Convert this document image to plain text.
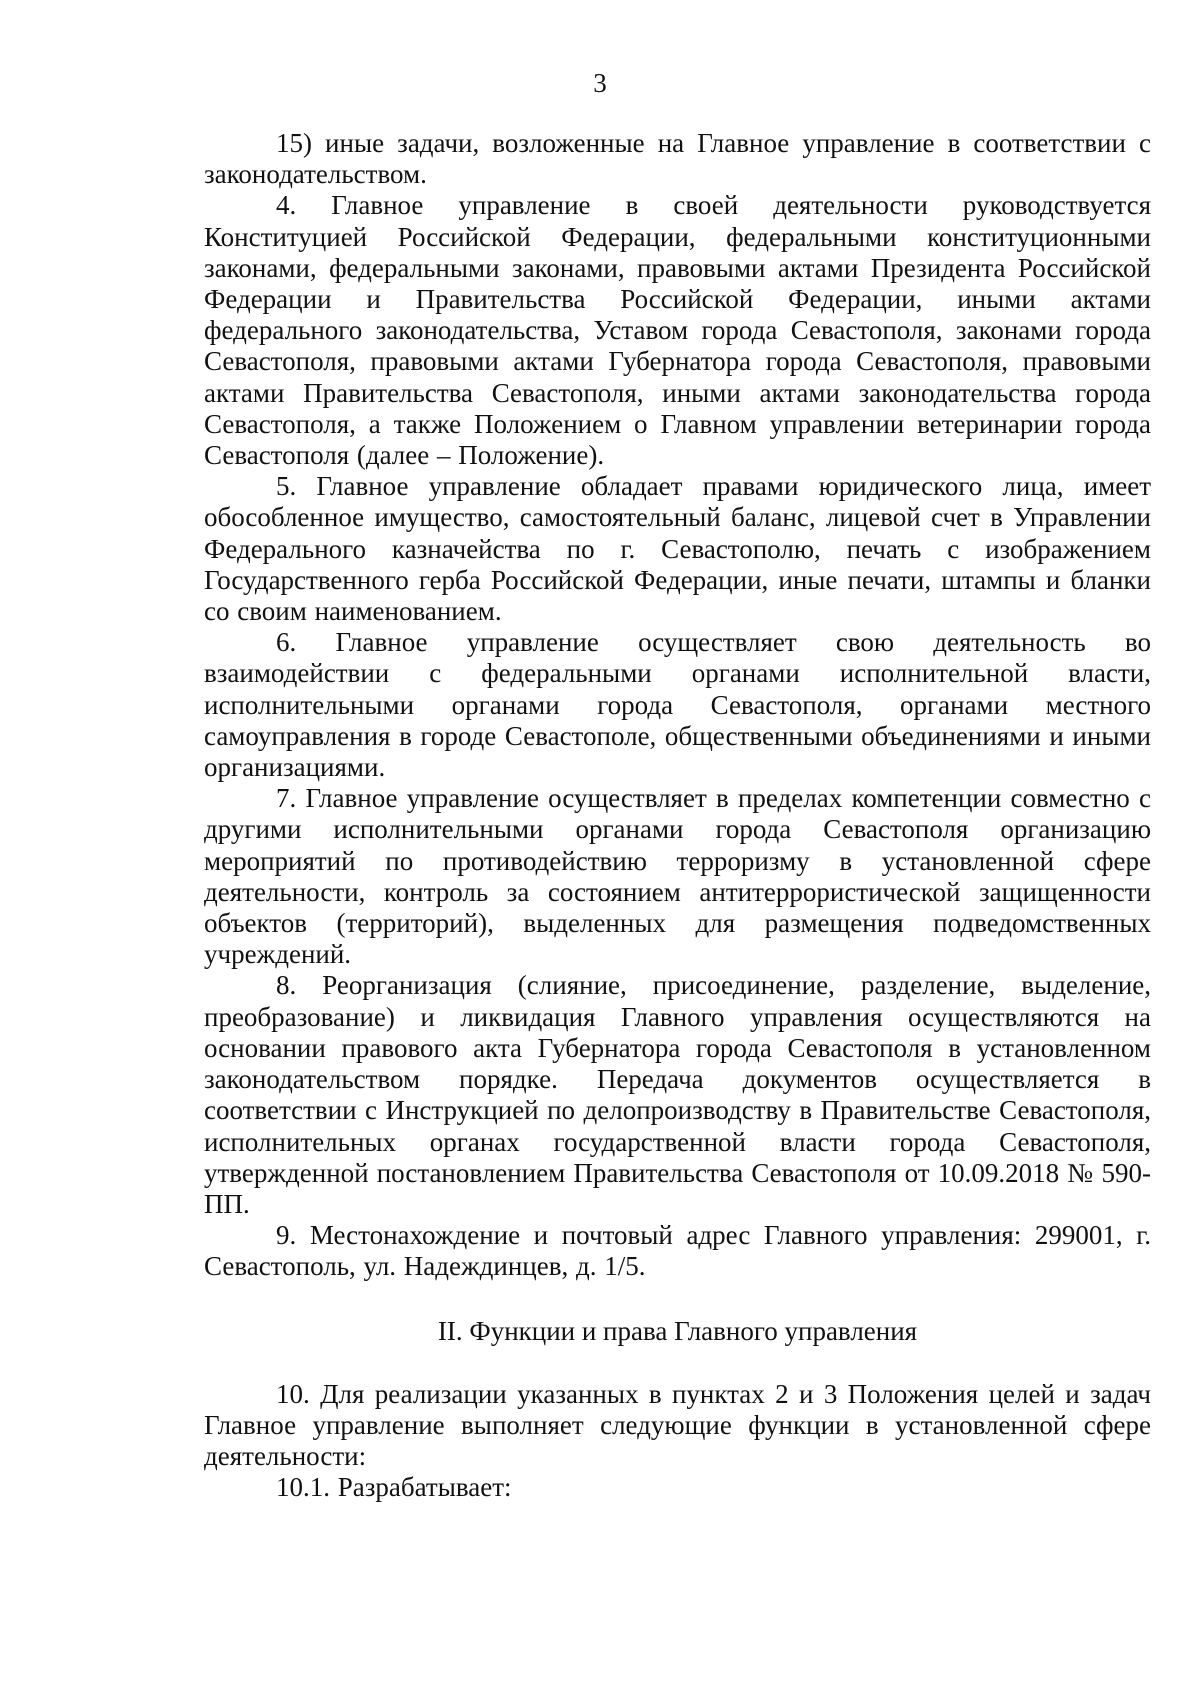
3

15) иные задачи, возложенные на Главное управление в соответствии с законодательством.

4. Главное управление в своей деятельности руководствуется Конституцией Российской Федерации, федеральными конституционными законами, федеральными законами, правовыми актами Президента Российской Федерации и Правительства Российской Федерации, иными актами федерального законодательства, Уставом города Севастополя, законами города Севастополя, правовыми актами Губернатора города Севастополя, правовыми актами Правительства Севастополя, иными актами законодательства города Севастополя, а также Положением о Главном управлении ветеринарии города Севастополя (далее – Положение).

5. Главное управление обладает правами юридического лица, имеет обособленное имущество, самостоятельный баланс, лицевой счет в Управлении Федерального казначейства по г. Севастополю, печать с изображением Государственного герба Российской Федерации, иные печати, штампы и бланки со своим наименованием.

6. Главное управление осуществляет свою деятельность во взаимодействии с федеральными органами исполнительной власти, исполнительными органами города Севастополя, органами местного самоуправления в городе Севастополе, общественными объединениями и иными организациями.

7. Главное управление осуществляет в пределах компетенции совместно с другими исполнительными органами города Севастополя организацию мероприятий по противодействию терроризму в установленной сфере деятельности, контроль за состоянием антитеррористической защищенности объектов (территорий), выделенных для размещения подведомственных учреждений.

8. Реорганизация (слияние, присоединение, разделение, выделение, преобразование) и ликвидация Главного управления осуществляются на основании правового акта Губернатора города Севастополя в установленном законодательством порядке. Передача документов осуществляется в соответствии с Инструкцией по делопроизводству в Правительстве Севастополя, исполнительных органах государственной власти города Севастополя, утвержденной постановлением Правительства Севастополя от 10.09.2018 № 590-ПП.

9. Местонахождение и почтовый адрес Главного управления: 299001, г. Севастополь, ул. Надеждинцев, д. 1/5.

II. Функции и права Главного управления

10. Для реализации указанных в пунктах 2 и 3 Положения целей и задач Главное управление выполняет следующие функции в установленной сфере деятельности:

10.1. Разрабатывает:
